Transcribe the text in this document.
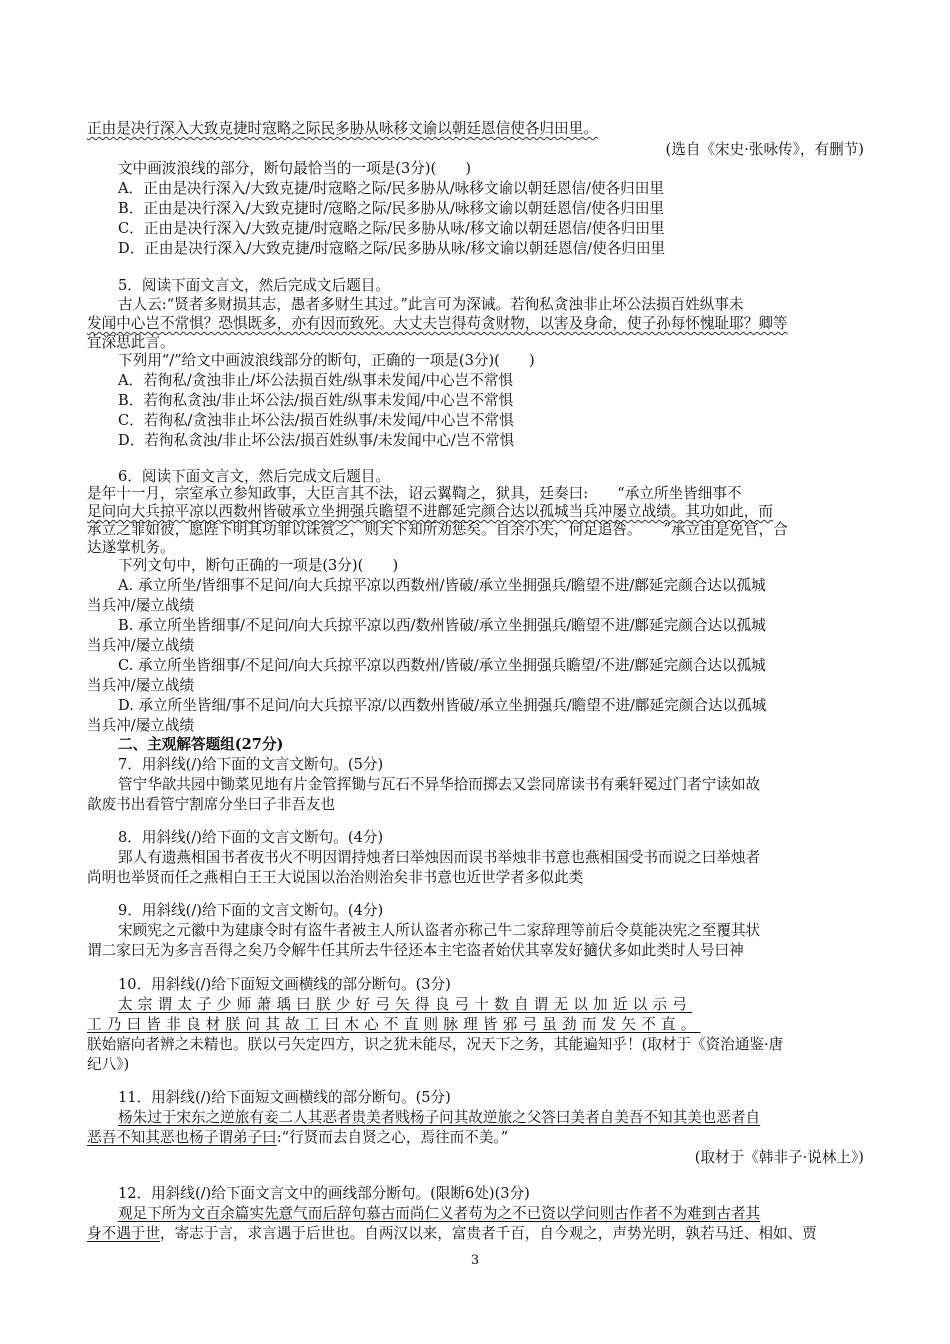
正由是决行深入大致克捷时寇略之际民多胁从咏移文谕以朝廷恩信使各归田里。
(选自《宋史·张咏传》，有删节)
文中画波浪线的部分，断句最恰当的一项是(3分)(　　)
A．正由是决行深入/大致克捷/时寇略之际/民多胁从/咏移文谕以朝廷恩信/使各归田里
B．正由是决行深入/大致克捷时/寇略之际/民多胁从/咏移文谕以朝廷恩信/使各归田里
C．正由是决行深入/大致克捷/时寇略之际/民多胁从咏/移文谕以朝廷恩信/使各归田里
D．正由是决行深入/大致克捷/时寇略之际/民多胁从咏/移文谕以朝廷恩信/使各归田里
5．阅读下面文言文，然后完成文后题目。
古人云:“贤者多财损其志，愚者多财生其过。”此言可为深诫。若徇私贪浊非止坏公法损百姓纵事未
发闻中心岂不常惧？恐惧既多，亦有因而致死。大丈夫岂得苟贪财物，以害及身命，使子孙每怀愧耻耶？卿等
宜深思此言。
下列用“/”给文中画波浪线部分的断句，正确的一项是(3分)(　　)
A．若徇私/贪浊非止/坏公法损百姓/纵事未发闻/中心岂不常惧
B．若徇私贪浊/非止坏公法/损百姓/纵事未发闻/中心岂不常惧
C．若徇私/贪浊非止坏公法/损百姓纵事/未发闻/中心岂不常惧
D．若徇私贪浊/非止坏公法/损百姓纵事/未发闻中心/岂不常惧
6．阅读下面文言文，然后完成文后题目。
是年十一月，宗室承立参知政事，大臣言其不法，诏云翼鞫之，狱具，廷奏曰:　　“承立所坐皆细事不
足问向大兵掠平凉以西数州皆破承立坐拥强兵瞻望不进鄜延完颜合达以孤城当兵冲屡立战绩。其功如此，而
承立之罪如彼，愿陛下明其功罪以诛赏之，则天下知所劝惩矣。自余小失，何足追咎。　　”承立由是免官，合
达遂掌机务。
下列文句中，断句正确的一项是(3分)(　　)
A. 承立所坐/皆细事不足问/向大兵掠平凉以西数州/皆破/承立坐拥强兵/瞻望不进/鄜延完颜合达以孤城
当兵冲/屡立战绩
B. 承立所坐皆细事/不足问/向大兵掠平凉以西/数州皆破/承立坐拥强兵/瞻望不进/鄜延完颜合达以孤城
当兵冲/屡立战绩
C. 承立所坐皆细事/不足问/向大兵掠平凉以西数州/皆破/承立坐拥强兵瞻望/不进/鄜延完颜合达以孤城
当兵冲/屡立战绩
D. 承立所坐皆细/事不足问/向大兵掠平凉/以西数州皆破/承立坐拥强兵/瞻望不进/鄜延完颜合达以孤城
当兵冲/屡立战绩
二、主观解答题组(27分)
7．用斜线(/)给下面的文言文断句。(5分)
管宁华歆共园中锄菜见地有片金管挥锄与瓦石不异华拾而掷去又尝同席读书有乘轩冕过门者宁读如故
歆废书出看管宁割席分坐曰子非吾友也
8．用斜线(/)给下面的文言文断句。(4分)
郢人有遗燕相国书者夜书火不明因谓持烛者曰举烛因而误书举烛非书意也燕相国受书而说之曰举烛者
尚明也举贤而任之燕相白王王大说国以治治则治矣非书意也近世学者多似此类
9．用斜线(/)给下面的文言文断句。(4分)
宋顾宪之元徽中为建康令时有盗牛者被主人所认盗者亦称己牛二家辞理等前后令莫能决宪之至覆其状
谓二家曰无为多言吾得之矣乃令解牛任其所去牛径还本主宅盗者始伏其辜发好擿伏多如此类时人号曰神
10．用斜线(/)给下面短文画横线的部分断句。(3分)
太宗谓太子少师萧瑀曰朕少好弓矢得良弓十数自谓无以加近以示弓
工乃曰皆非良材朕问其故工曰木心不直则脉理皆邪弓虽劲而发矢不直。
朕始寤向者辨之未精也。朕以弓矢定四方，识之犹未能尽，况天下之务，其能遍知乎！(取材于《资治通鉴·唐
纪八》)
11．用斜线(/)给下面短文画横线的部分断句。(5分)
杨朱过于宋东之逆旅有妾二人其恶者贵美者贱杨子问其故逆旅之父答曰美者自美吾不知其美也恶者自
恶吾不知其恶也杨子谓弟子曰:“行贤而去自贤之心，焉往而不美。”
(取材于《韩非子·说林上》)
12．用斜线(/)给下面文言文中的画线部分断句。(限断6处)(3分)
观足下所为文百余篇实先意气而后辞句慕古而尚仁义者苟为之不已资以学问则古作者不为难到古者其
身不遇于世，寄志于言，求言遇于后世也。自两汉以来，富贵者千百，自今观之，声势光明，孰若马迁、相如、贾
3
